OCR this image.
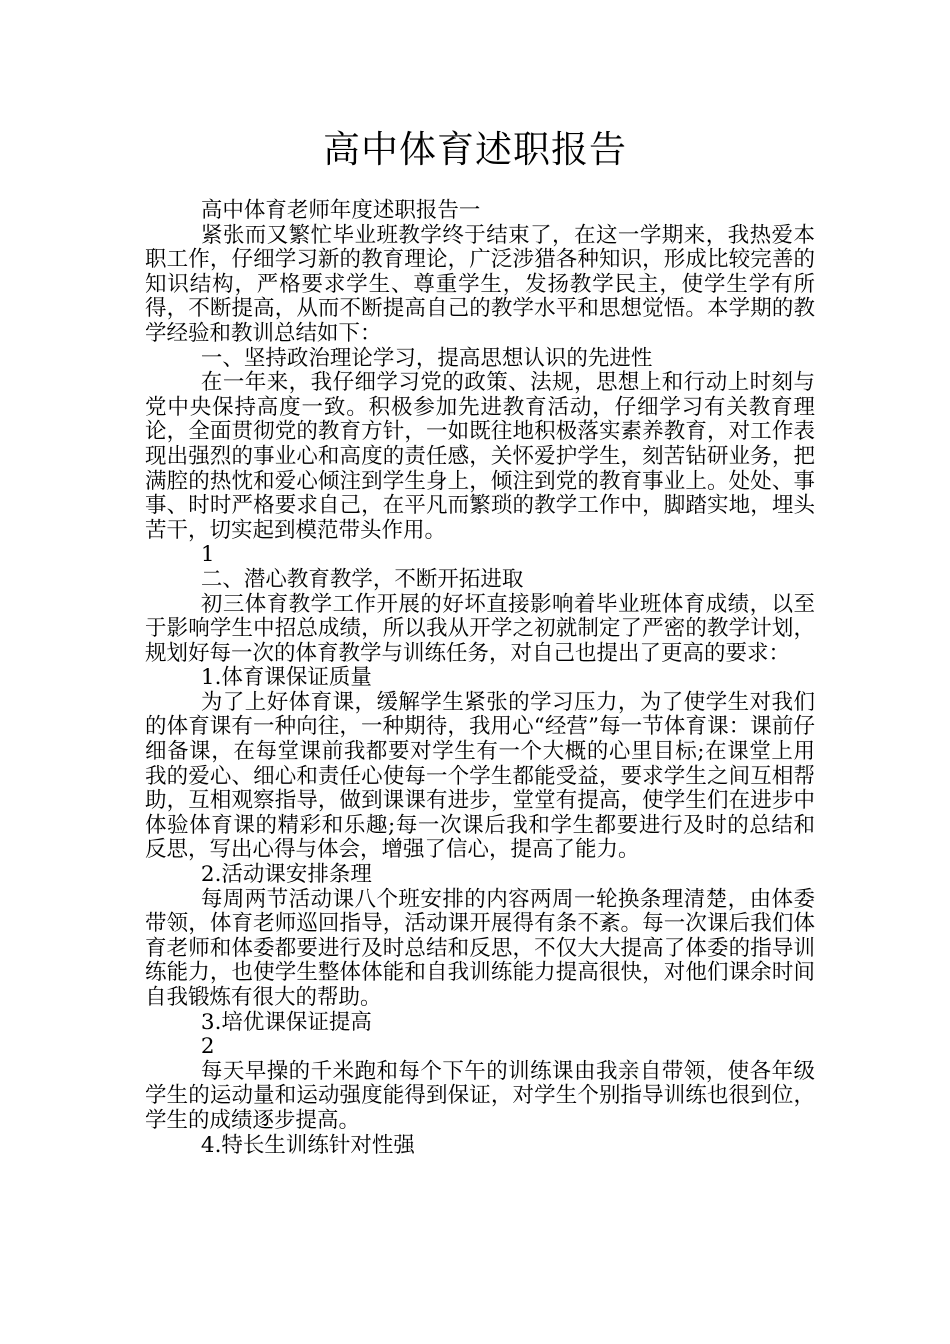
高中体育述职报告

高中体育老师年度述职报告一

紧张而又繁忙毕业班教学终于结束了，在这一学期来，我热爱本职工作，仔细学习新的教育理论，广泛涉猎各种知识，形成比较完善的知识结构，严格要求学生、尊重学生，发扬教学民主，使学生学有所得，不断提高，从而不断提高自己的教学水平和思想觉悟。本学期的教学经验和教训总结如下：

一、坚持政治理论学习，提高思想认识的先进性

在一年来，我仔细学习党的政策、法规，思想上和行动上时刻与党中央保持高度一致。积极参加先进教育活动，仔细学习有关教育理论，全面贯彻党的教育方针，一如既往地积极落实素养教育，对工作表现出强烈的事业心和高度的责任感，关怀爱护学生，刻苦钻研业务，把满腔的热忱和爱心倾注到学生身上，倾注到党的教育事业上。处处、事事、时时严格要求自己，在平凡而繁琐的教学工作中，脚踏实地，埋头苦干，切实起到模范带头作用。

1

二、潜心教育教学，不断开拓进取

初三体育教学工作开展的好坏直接影响着毕业班体育成绩，以至于影响学生中招总成绩，所以我从开学之初就制定了严密的教学计划，规划好每一次的体育教学与训练任务，对自己也提出了更高的要求：

1.体育课保证质量

为了上好体育课，缓解学生紧张的学习压力，为了使学生对我们的体育课有一种向往，一种期待，我用心“经营”每一节体育课：课前仔细备课，在每堂课前我都要对学生有一个大概的心里目标;在课堂上用我的爱心、细心和责任心使每一个学生都能受益，要求学生之间互相帮助，互相观察指导，做到课课有进步，堂堂有提高，使学生们在进步中体验体育课的精彩和乐趣;每一次课后我和学生都要进行及时的总结和反思，写出心得与体会，增强了信心，提高了能力。

2.活动课安排条理

每周两节活动课八个班安排的内容两周一轮换条理清楚，由体委带领，体育老师巡回指导，活动课开展得有条不紊。每一次课后我们体育老师和体委都要进行及时总结和反思，不仅大大提高了体委的指导训练能力，也使学生整体体能和自我训练能力提高很快，对他们课余时间自我锻炼有很大的帮助。

3.培优课保证提高

2

每天早操的千米跑和每个下午的训练课由我亲自带领，使各年级学生的运动量和运动强度能得到保证，对学生个别指导训练也很到位，学生的成绩逐步提高。

4.特长生训练针对性强
